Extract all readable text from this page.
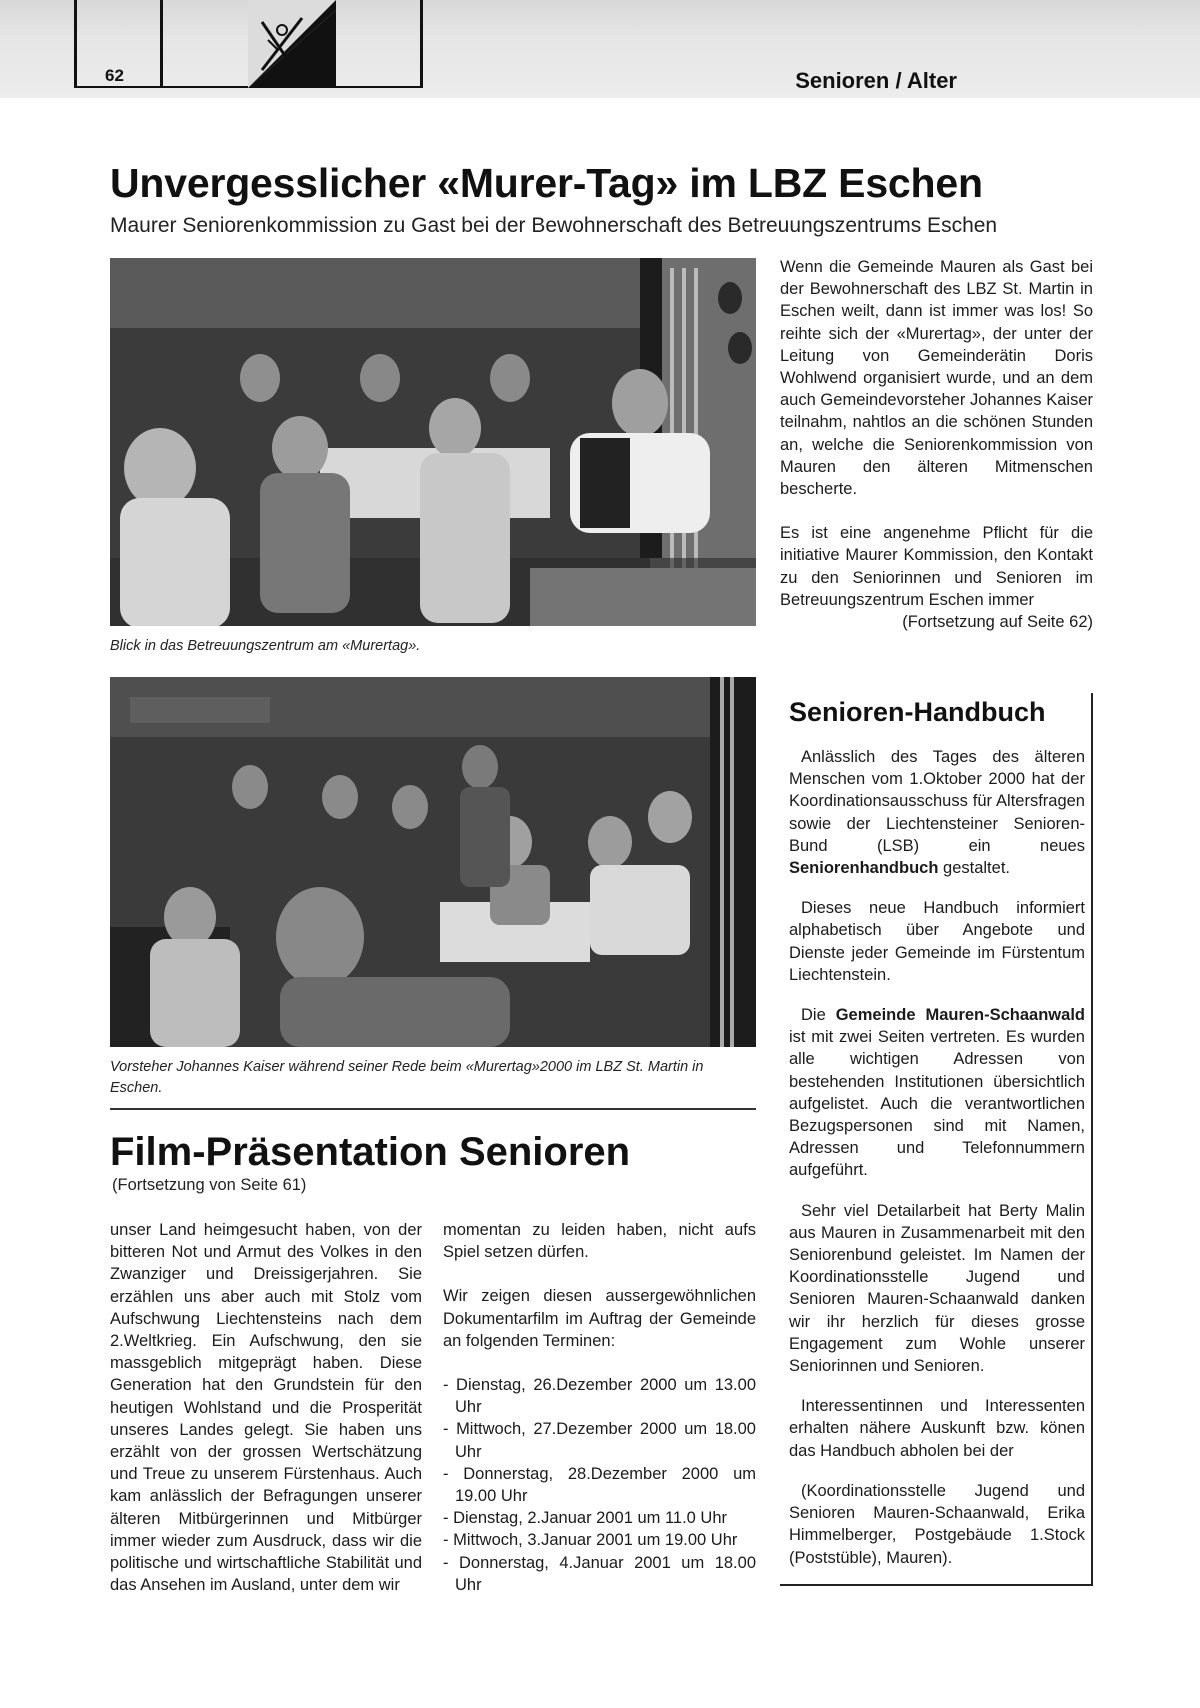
62	Senioren / Alter
Unvergesslicher «Murer-Tag» im LBZ Eschen
Maurer Seniorenkommission zu Gast bei der Bewohnerschaft des Betreuungszentrums Eschen
Blick in das Betreuungszentrum am «Murertag».

Wenn die Gemeinde Mauren als Gast bei der Bewohnerschaft des LBZ St. Martin in Eschen weilt, dann ist immer was los! So reihte sich der «Murertag», der unter der Leitung von Gemeinderätin Doris Wohlwend organisiert wurde, und an dem auch Gemeindevorsteher Johannes Kaiser teilnahm, nahtlos an die schönen Stunden an, welche die Seniorenkommission von Mauren den älteren Mitmenschen bescherte.

Es ist eine angenehme Pflicht für die initiative Maurer Kommission, den Kontakt zu den Seniorinnen und Senioren im Betreuungszentrum Eschen immer
(Fortsetzung auf Seite 62)

Vorsteher Johannes Kaiser während seiner Rede beim «Murertag»2000 im LBZ St. Martin in Eschen.
Film-Präsentation Senioren
(Fortsetzung von Seite 61)

unser Land heimgesucht haben, von der bitteren Not und Armut des Volkes in den Zwanziger und Dreissigerjahren. Sie erzählen uns aber auch mit Stolz vom Aufschwung Liechtensteins nach dem 2.Weltkrieg. Ein Aufschwung, den sie massgeblich mitgeprägt haben. Diese Generation hat den Grundstein für den heutigen Wohlstand und die Prosperität unseres Landes gelegt. Sie haben uns erzählt von der grossen Wertschätzung und Treue zu unserem Fürstenhaus. Auch kam anlässlich der Befragungen unserer älteren Mitbürgerinnen und Mitbürger immer wieder zum Ausdruck, dass wir die politische und wirtschaftliche Stabilität und das Ansehen im Ausland, unter dem wir

momentan zu leiden haben, nicht aufs Spiel setzen dürfen.

Wir zeigen diesen aussergewöhnlichen Dokumentarfilm im Auftrag der Gemeinde an folgenden Terminen:

- Dienstag, 26.Dezember 2000 um 13.00 Uhr
- Mittwoch, 27.Dezember 2000 um 18.00 Uhr
- Donnerstag, 28.Dezember 2000 um 19.00 Uhr
- Dienstag, 2.Januar 2001 um 11.0 Uhr
- Mittwoch, 3.Januar 2001 um 19.00 Uhr
- Donnerstag, 4.Januar 2001 um 18.00 Uhr
Senioren-Handbuch

Anlässlich des Tages des älteren Menschen vom 1.Oktober 2000 hat der Koordinationsausschuss für Altersfragen sowie der Liechtensteiner Senioren- Bund (LSB) ein neues Seniorenhandbuch gestaltet.

Dieses neue Handbuch informiert alphabetisch über Angebote und Dienste jeder Gemeinde im Fürstentum Liechtenstein.

Die Gemeinde Mauren-Schaanwald ist mit zwei Seiten vertreten. Es wurden alle wichtigen Adressen von bestehenden Institutionen übersichtlich aufgelistet. Auch die verantwortlichen Bezugspersonen sind mit Namen, Adressen und Telefonnummern aufgeführt.

Sehr viel Detailarbeit hat Berty Malin aus Mauren in Zusammenarbeit mit den Seniorenbund geleistet. Im Namen der Koordinationsstelle Jugend und Senioren Mauren-Schaanwald danken wir ihr herzlich für dieses grosse Engagement zum Wohle unserer Seniorinnen und Senioren.

Interessentinnen und Interessenten erhalten nähere Auskunft bzw. könen das Handbuch abholen bei der

(Koordinationsstelle Jugend und Senioren Mauren-Schaanwald, Erika Himmelberger, Postgebäude 1.Stock (Poststüble), Mauren).
